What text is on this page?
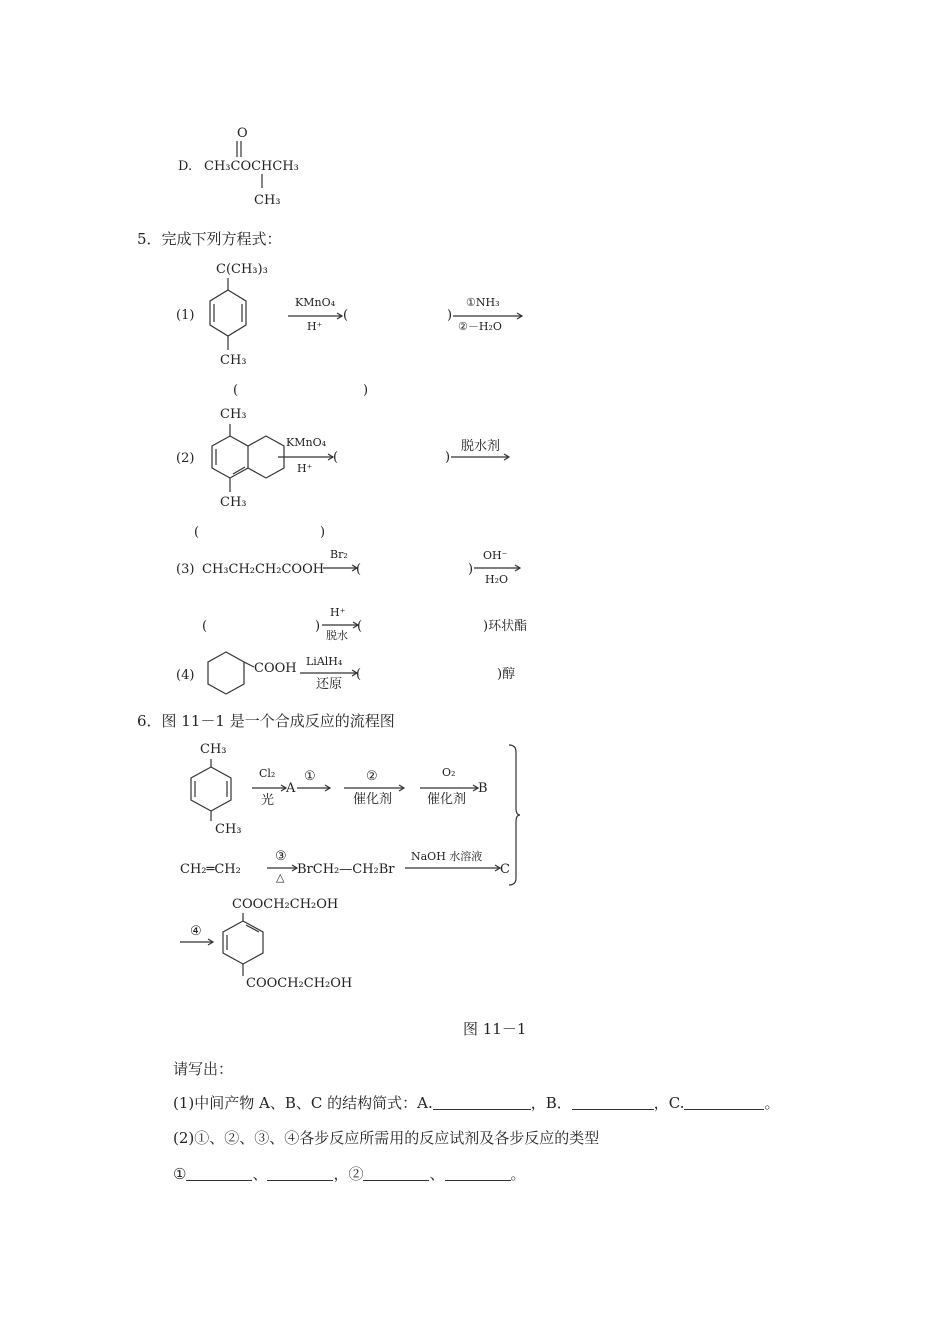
O
D. CH₃COCHCH₃
CH₃
5．完成下列方程式：
C(CH₃)₃
(1)
CH₃
KMnO₄
H⁺
(	)
①NH₃
②－H₂O
(	)
CH₃
(2)
CH₃
KMnO₄
H⁺
(	)
脱水剂
(	)
(3) CH₃CH₂CH₂COOH
Br₂
(	)
OH⁻
H₂O
(	)
H⁺
脱水
(	)环状酯
(4)	COOH LiAlH₄
还原
(	)醇
6．图 11－1 是一个合成反应的流程图
CH₃
CH₃
Cl₂
光
A
①	②
催化剂
O₂
催化剂
B
CH₂═CH₂
③
△
BrCH₂—CH₂Br
NaOH 水溶液
C
④
COOCH₂CH₂OH
COOCH₂CH₂OH
图 11－1
请写出：
(1)中间产物 A、B、C 的结构简式：A.	，B．	，C.	。
(2)①、②、③、④各步反应所需用的反应试剂及各步反应的类型
①	、	，②	、	。
